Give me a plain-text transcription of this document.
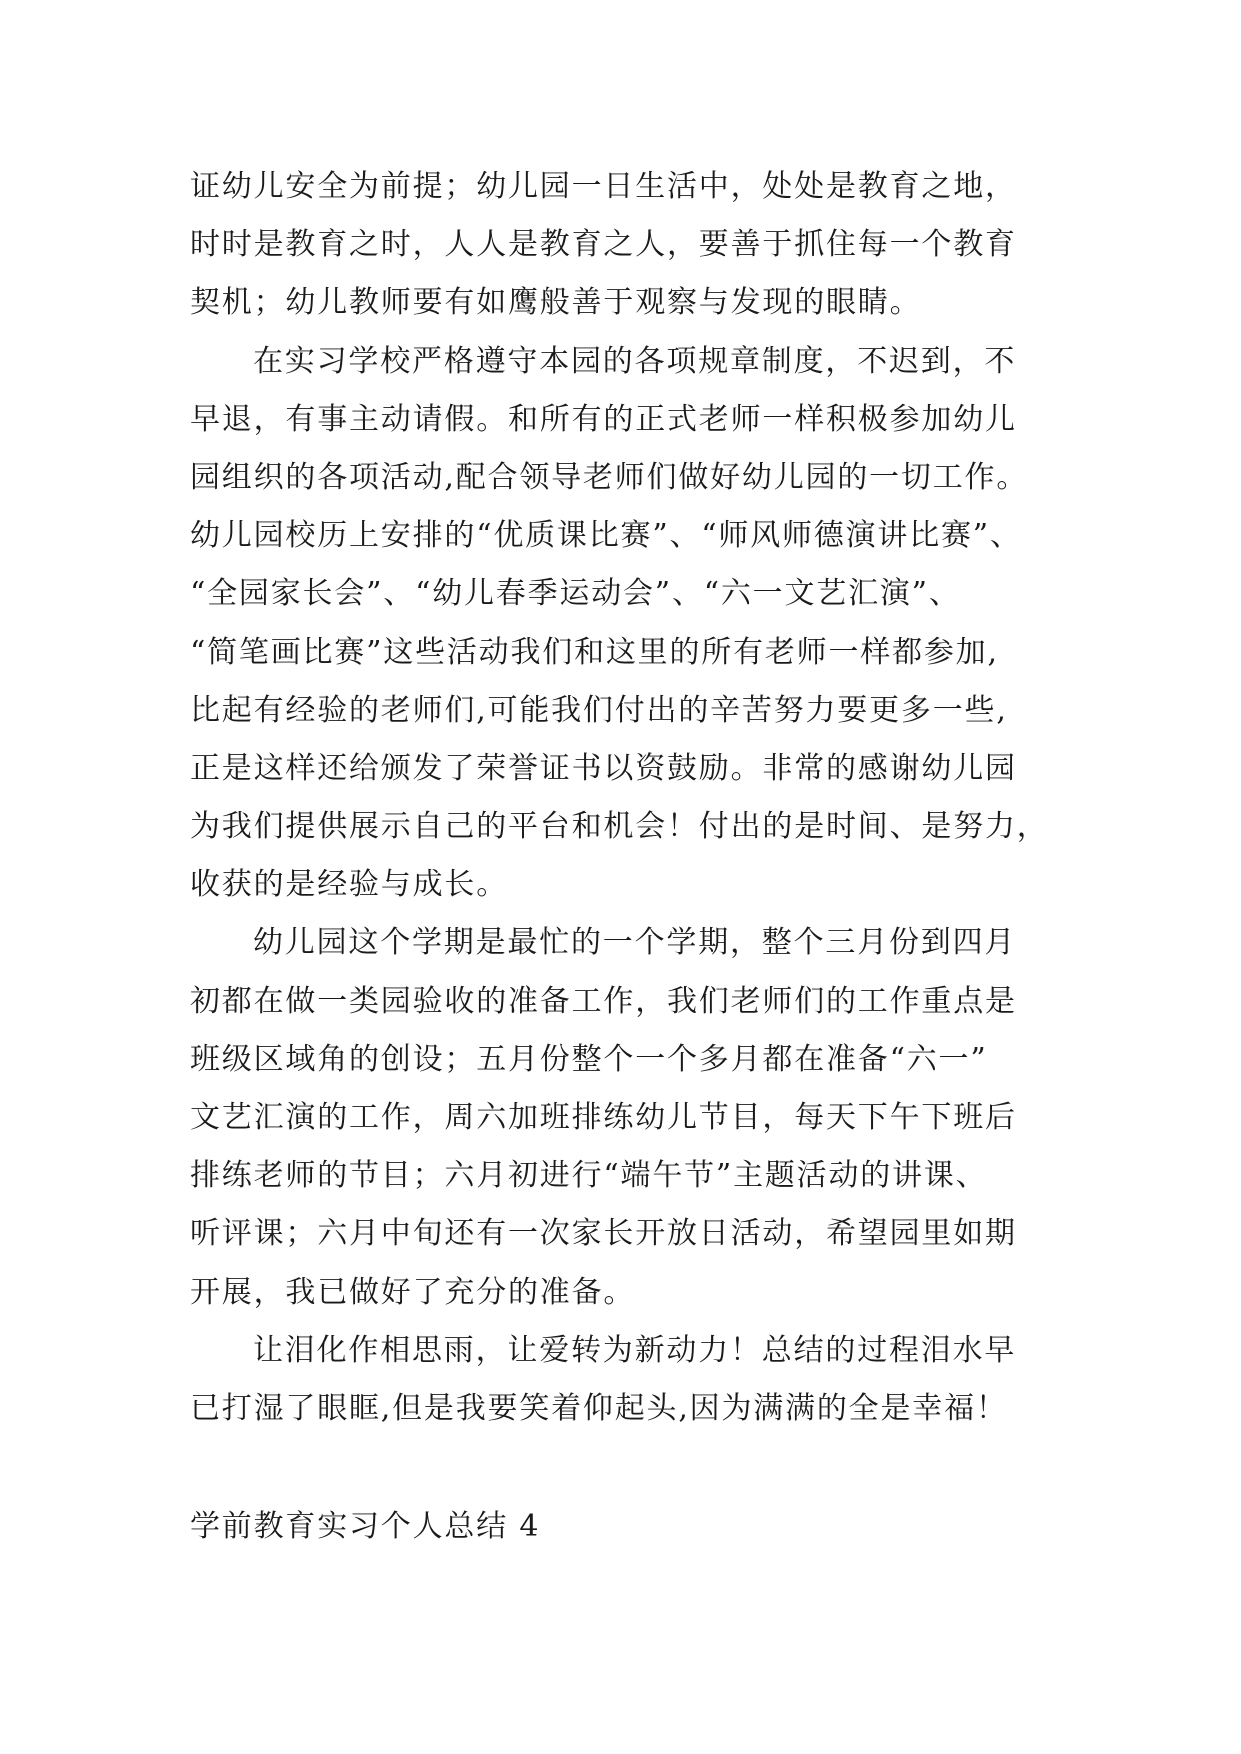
证幼儿安全为前提；幼儿园一日生活中，处处是教育之地，
时时是教育之时，人人是教育之人，要善于抓住每一个教育
契机；幼儿教师要有如鹰般善于观察与发现的眼睛。
在实习学校严格遵守本园的各项规章制度，不迟到，不
早退，有事主动请假。和所有的正式老师一样积极参加幼儿
园组织的各项活动,配合领导老师们做好幼儿园的一切工作。
幼儿园校历上安排的“优质课比赛”、“师风师德演讲比赛”、
“全园家长会”、“幼儿春季运动会”、“六一文艺汇演”、
“简笔画比赛”这些活动我们和这里的所有老师一样都参加,
比起有经验的老师们,可能我们付出的辛苦努力要更多一些,
正是这样还给颁发了荣誉证书以资鼓励。非常的感谢幼儿园
为我们提供展示自己的平台和机会！付出的是时间、是努力，
收获的是经验与成长。
幼儿园这个学期是最忙的一个学期，整个三月份到四月
初都在做一类园验收的准备工作，我们老师们的工作重点是
班级区域角的创设；五月份整个一个多月都在准备“六一”
文艺汇演的工作，周六加班排练幼儿节目，每天下午下班后
排练老师的节目；六月初进行“端午节”主题活动的讲课、
听评课；六月中旬还有一次家长开放日活动，希望园里如期
开展，我已做好了充分的准备。
让泪化作相思雨，让爱转为新动力！总结的过程泪水早
已打湿了眼眶,但是我要笑着仰起头,因为满满的全是幸福！
学前教育实习个人总结 4
